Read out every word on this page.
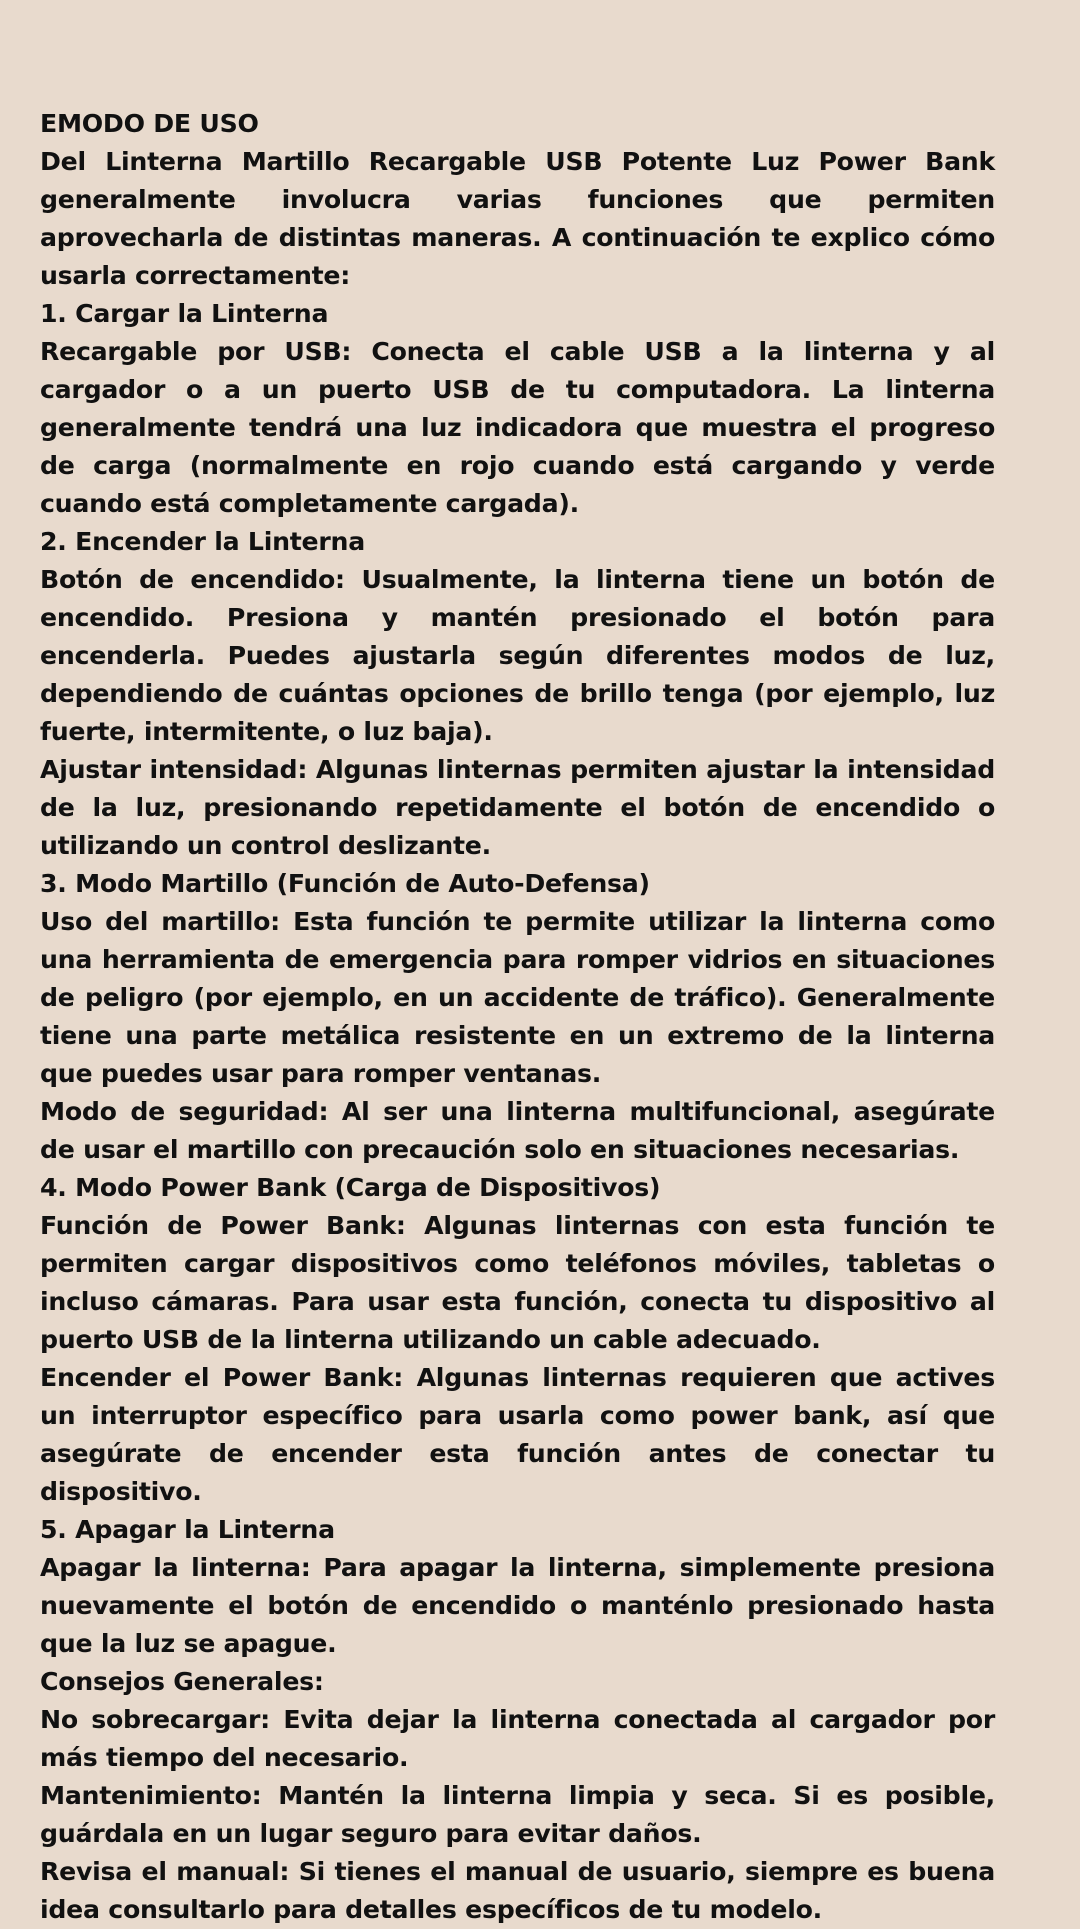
EMODO DE USO

Del Linterna Martillo Recargable USB Potente Luz Power Bank generalmente involucra varias funciones que permiten aprovecharla de distintas maneras. A continuación te explico cómo usarla correctamente:

1. Cargar la Linterna

Recargable por USB: Conecta el cable USB a la linterna y al cargador o a un puerto USB de tu computadora. La linterna generalmente tendrá una luz indicadora que muestra el progreso de carga (normalmente en rojo cuando está cargando y verde cuando está completamente cargada).

2. Encender la Linterna

Botón de encendido: Usualmente, la linterna tiene un botón de encendido. Presiona y mantén presionado el botón para encenderla. Puedes ajustarla según diferentes modos de luz, dependiendo de cuántas opciones de brillo tenga (por ejemplo, luz fuerte, intermitente, o luz baja).

Ajustar intensidad: Algunas linternas permiten ajustar la intensidad de la luz, presionando repetidamente el botón de encendido o utilizando un control deslizante.

3. Modo Martillo (Función de Auto-Defensa)

Uso del martillo: Esta función te permite utilizar la linterna como una herramienta de emergencia para romper vidrios en situaciones de peligro (por ejemplo, en un accidente de tráfico). Generalmente tiene una parte metálica resistente en un extremo de la linterna que puedes usar para romper ventanas.

Modo de seguridad: Al ser una linterna multifuncional, asegúrate de usar el martillo con precaución solo en situaciones necesarias.

4. Modo Power Bank (Carga de Dispositivos)

Función de Power Bank: Algunas linternas con esta función te permiten cargar dispositivos como teléfonos móviles, tabletas o incluso cámaras. Para usar esta función, conecta tu dispositivo al puerto USB de la linterna utilizando un cable adecuado.

Encender el Power Bank: Algunas linternas requieren que actives un interruptor específico para usarla como power bank, así que asegúrate de encender esta función antes de conectar tu dispositivo.

5. Apagar la Linterna

Apagar la linterna: Para apagar la linterna, simplemente presiona nuevamente el botón de encendido o manténlo presionado hasta que la luz se apague.

Consejos Generales:

No sobrecargar: Evita dejar la linterna conectada al cargador por más tiempo del necesario.

Mantenimiento: Mantén la linterna limpia y seca. Si es posible, guárdala en un lugar seguro para evitar daños.

Revisa el manual: Si tienes el manual de usuario, siempre es buena idea consultarlo para detalles específicos de tu modelo.
